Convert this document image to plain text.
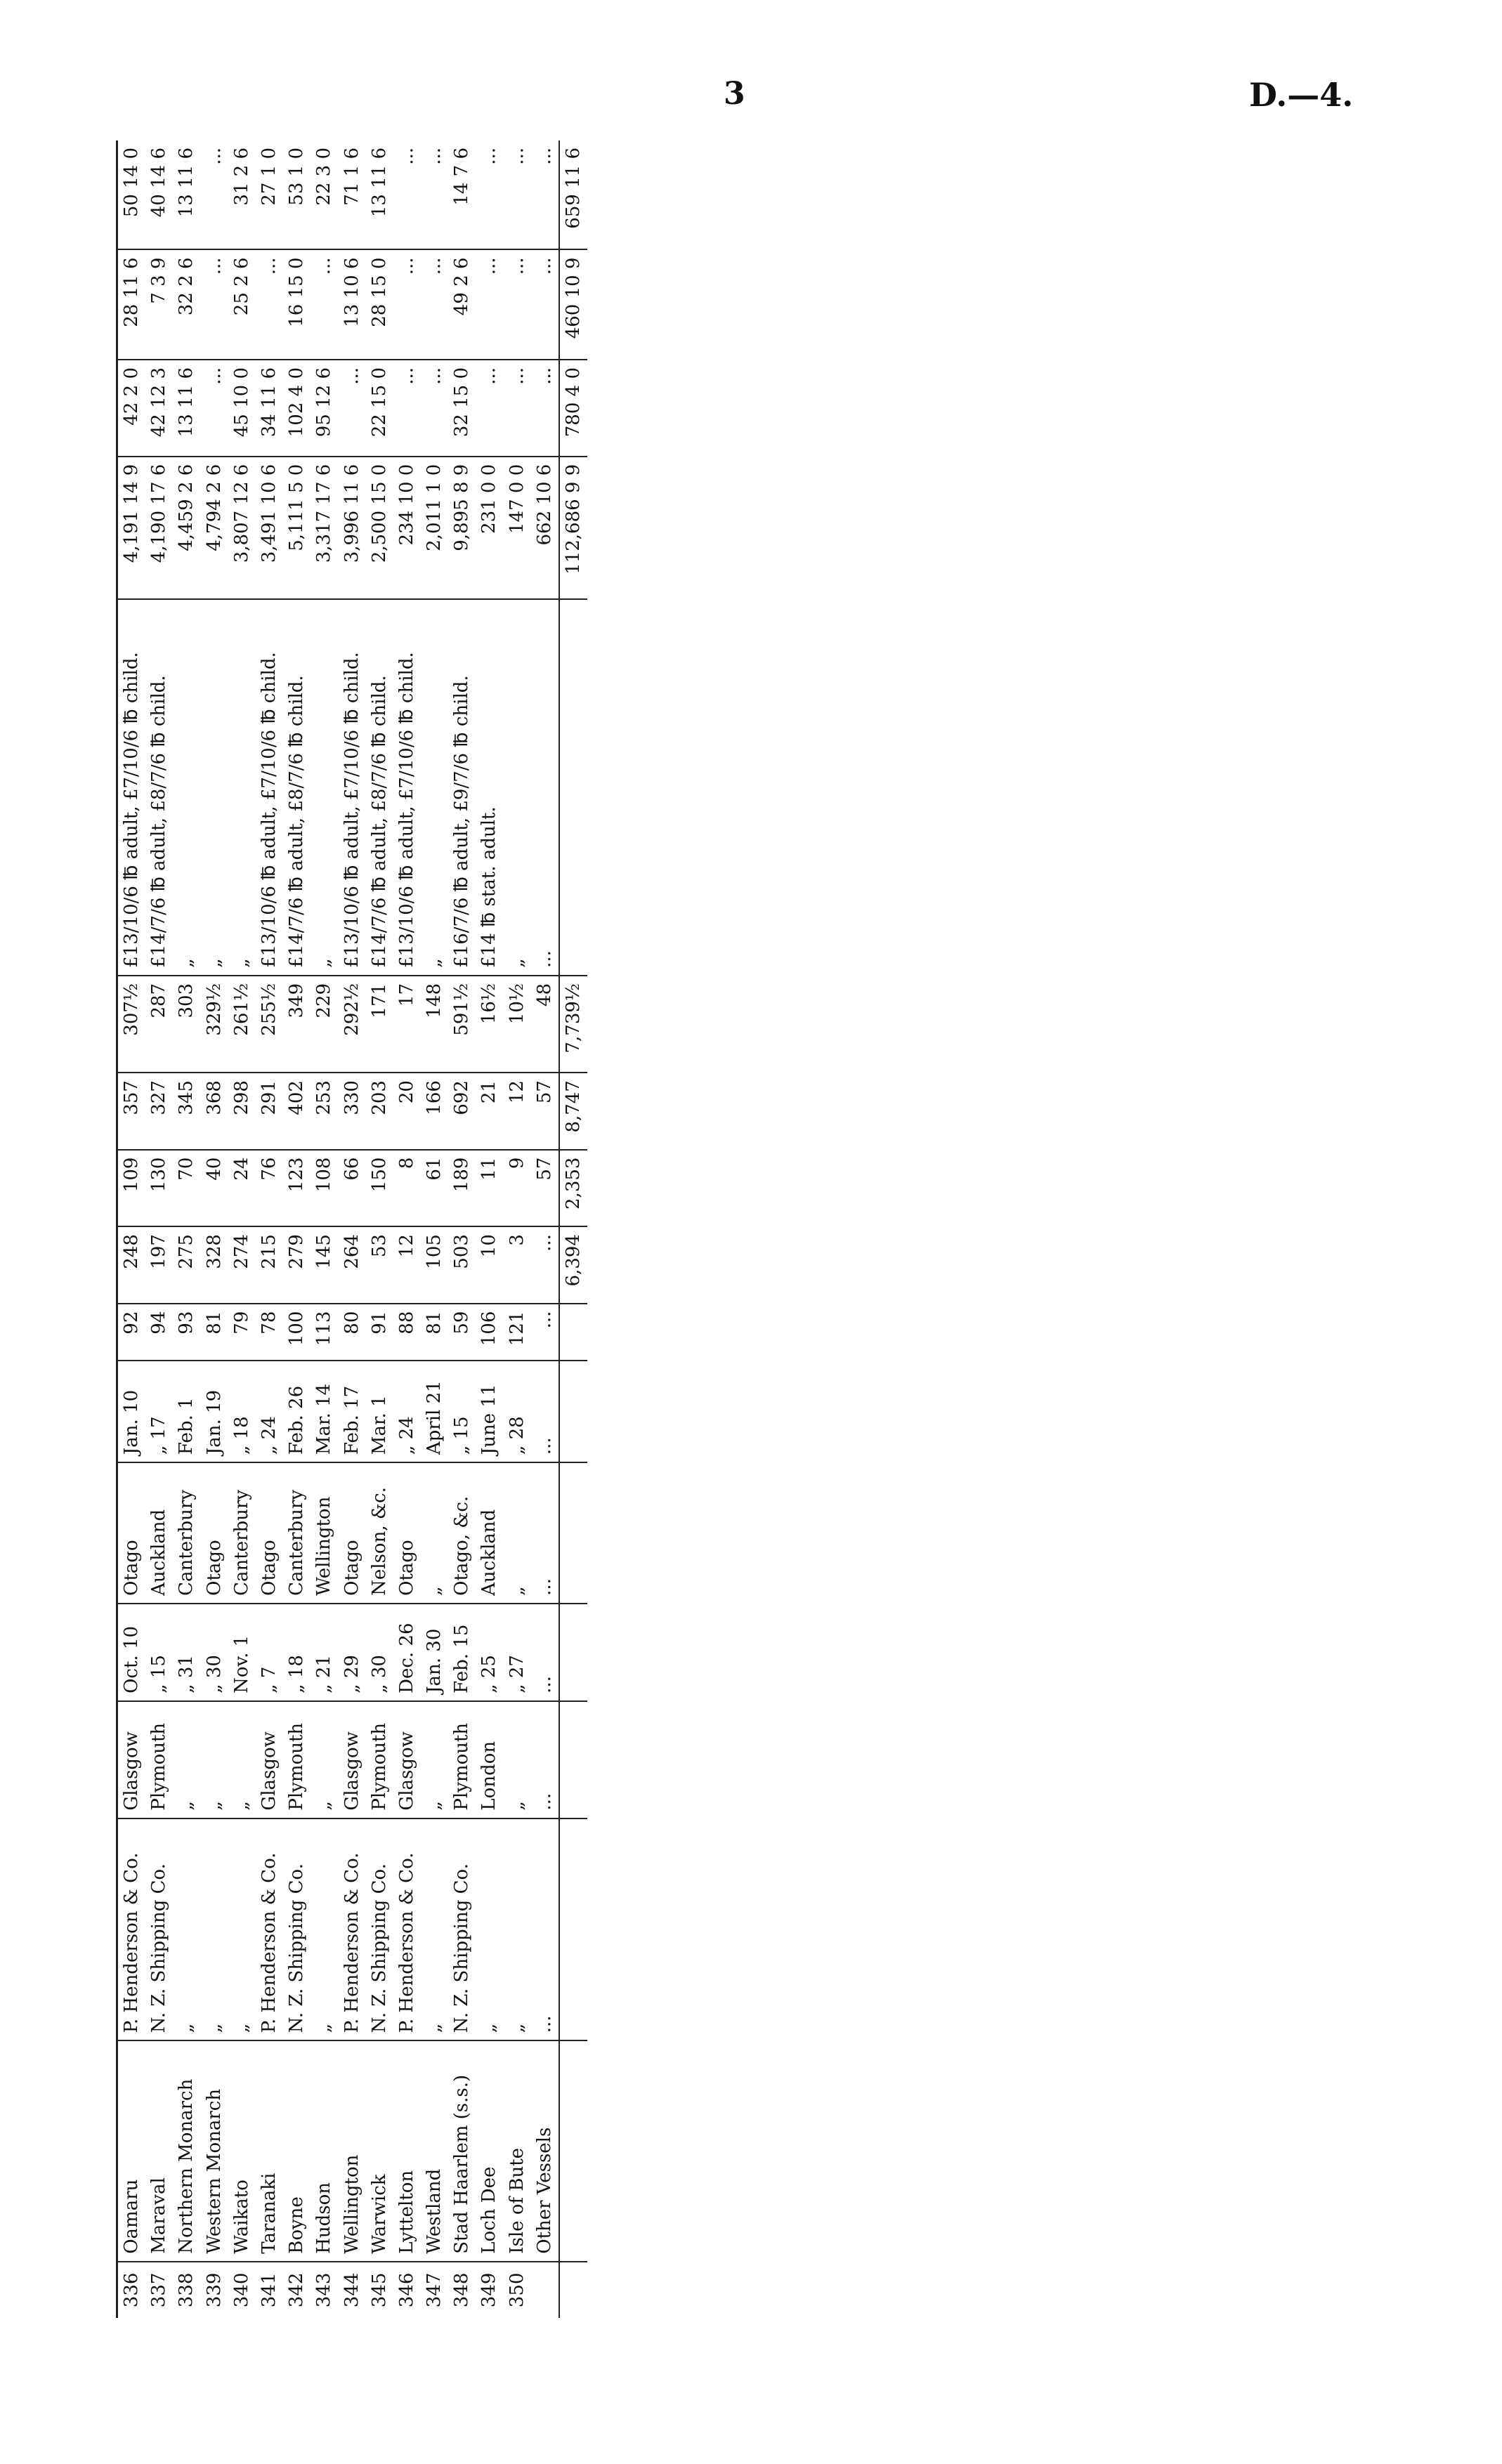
3	D.—4.
336	Oamaru	P. Henderson & Co.	Glasgow	Oct. 10	Otago	Jan. 10	92	248	109	357	307½	£13/10/6 ℔ adult, £7/10/6 ℔ child.	4,191 14 9	42 2 0	28 11 6	50 14 0
337	Maraval	N. Z. Shipping Co.	Plymouth	„ 15	Auckland	„ 17	94	197	130	327	287	£14/7/6 ℔ adult, £8/7/6 ℔ child.	4,190 17 6	42 12 3	7 3 9	40 14 6
338	Northern Monarch	„	„	„ 31	Canterbury	Feb. 1	93	275	70	345	303	„	4,459 2 6	13 11 6	32 2 6	13 11 6
339	Western Monarch	„	„	„ 30	Otago	Jan. 19	81	328	40	368	329½	„	4,794 2 6	...	...	...
340	Waikato	„	„	Nov. 1	Canterbury	„ 18	79	274	24	298	261½	„	3,807 12 6	45 10 0	25 2 6	31 2 6
341	Taranaki	P. Henderson & Co.	Glasgow	„ 7	Otago	„ 24	78	215	76	291	255½	£13/10/6 ℔ adult, £7/10/6 ℔ child.	3,491 10 6	34 11 6	...	27 1 0
342	Boyne	N. Z. Shipping Co.	Plymouth	„ 18	Canterbury	Feb. 26	100	279	123	402	349	£14/7/6 ℔ adult, £8/7/6 ℔ child.	5,111 5 0	102 4 0	16 15 0	53 1 0
343	Hudson	„	„	„ 21	Wellington	Mar. 14	113	145	108	253	229	„	3,317 17 6	95 12 6	...	22 3 0
344	Wellington	P. Henderson & Co.	Glasgow	„ 29	Otago	Feb. 17	80	264	66	330	292½	£13/10/6 ℔ adult, £7/10/6 ℔ child.	3,996 11 6	...	13 10 6	71 1 6
345	Warwick	N. Z. Shipping Co.	Plymouth	„ 30	Nelson, &c.	Mar. 1	91	53	150	203	171	£14/7/6 ℔ adult, £8/7/6 ℔ child.	2,500 15 0	22 15 0	28 15 0	13 11 6
346	Lyttelton	P. Henderson & Co.	Glasgow	Dec. 26	Otago	„ 24	88	12	8	20	17	£13/10/6 ℔ adult, £7/10/6 ℔ child.	234 10 0	...	...	...
347	Westland	„	„	Jan. 30	„	April 21	81	105	61	166	148	„	2,011 1 0	...	...	...
348	Stad Haarlem (s.s.)	N. Z. Shipping Co.	Plymouth	Feb. 15	Otago, &c.	„ 15	59	503	189	692	591½	£16/7/6 ℔ adult, £9/7/6 ℔ child.	9,895 8 9	32 15 0	49 2 6	14 7 6
349	Loch Dee	„	London	„ 25	Auckland	June 11	106	10	11	21	16½	£14 ℔ stat. adult.	231 0 0	...	...	...
350	Isle of Bute	„	„	„ 27	„	„ 28	121	3	9	12	10½	„	147 0 0	...	...	...
	Other Vessels	...	...	...	...	...	...	...	57	57	48	...	662 10 6	...	...	...
								6,394	2,353	8,747	7,739½		112,686 9 9	780 4 0	460 10 9	659 11 6
